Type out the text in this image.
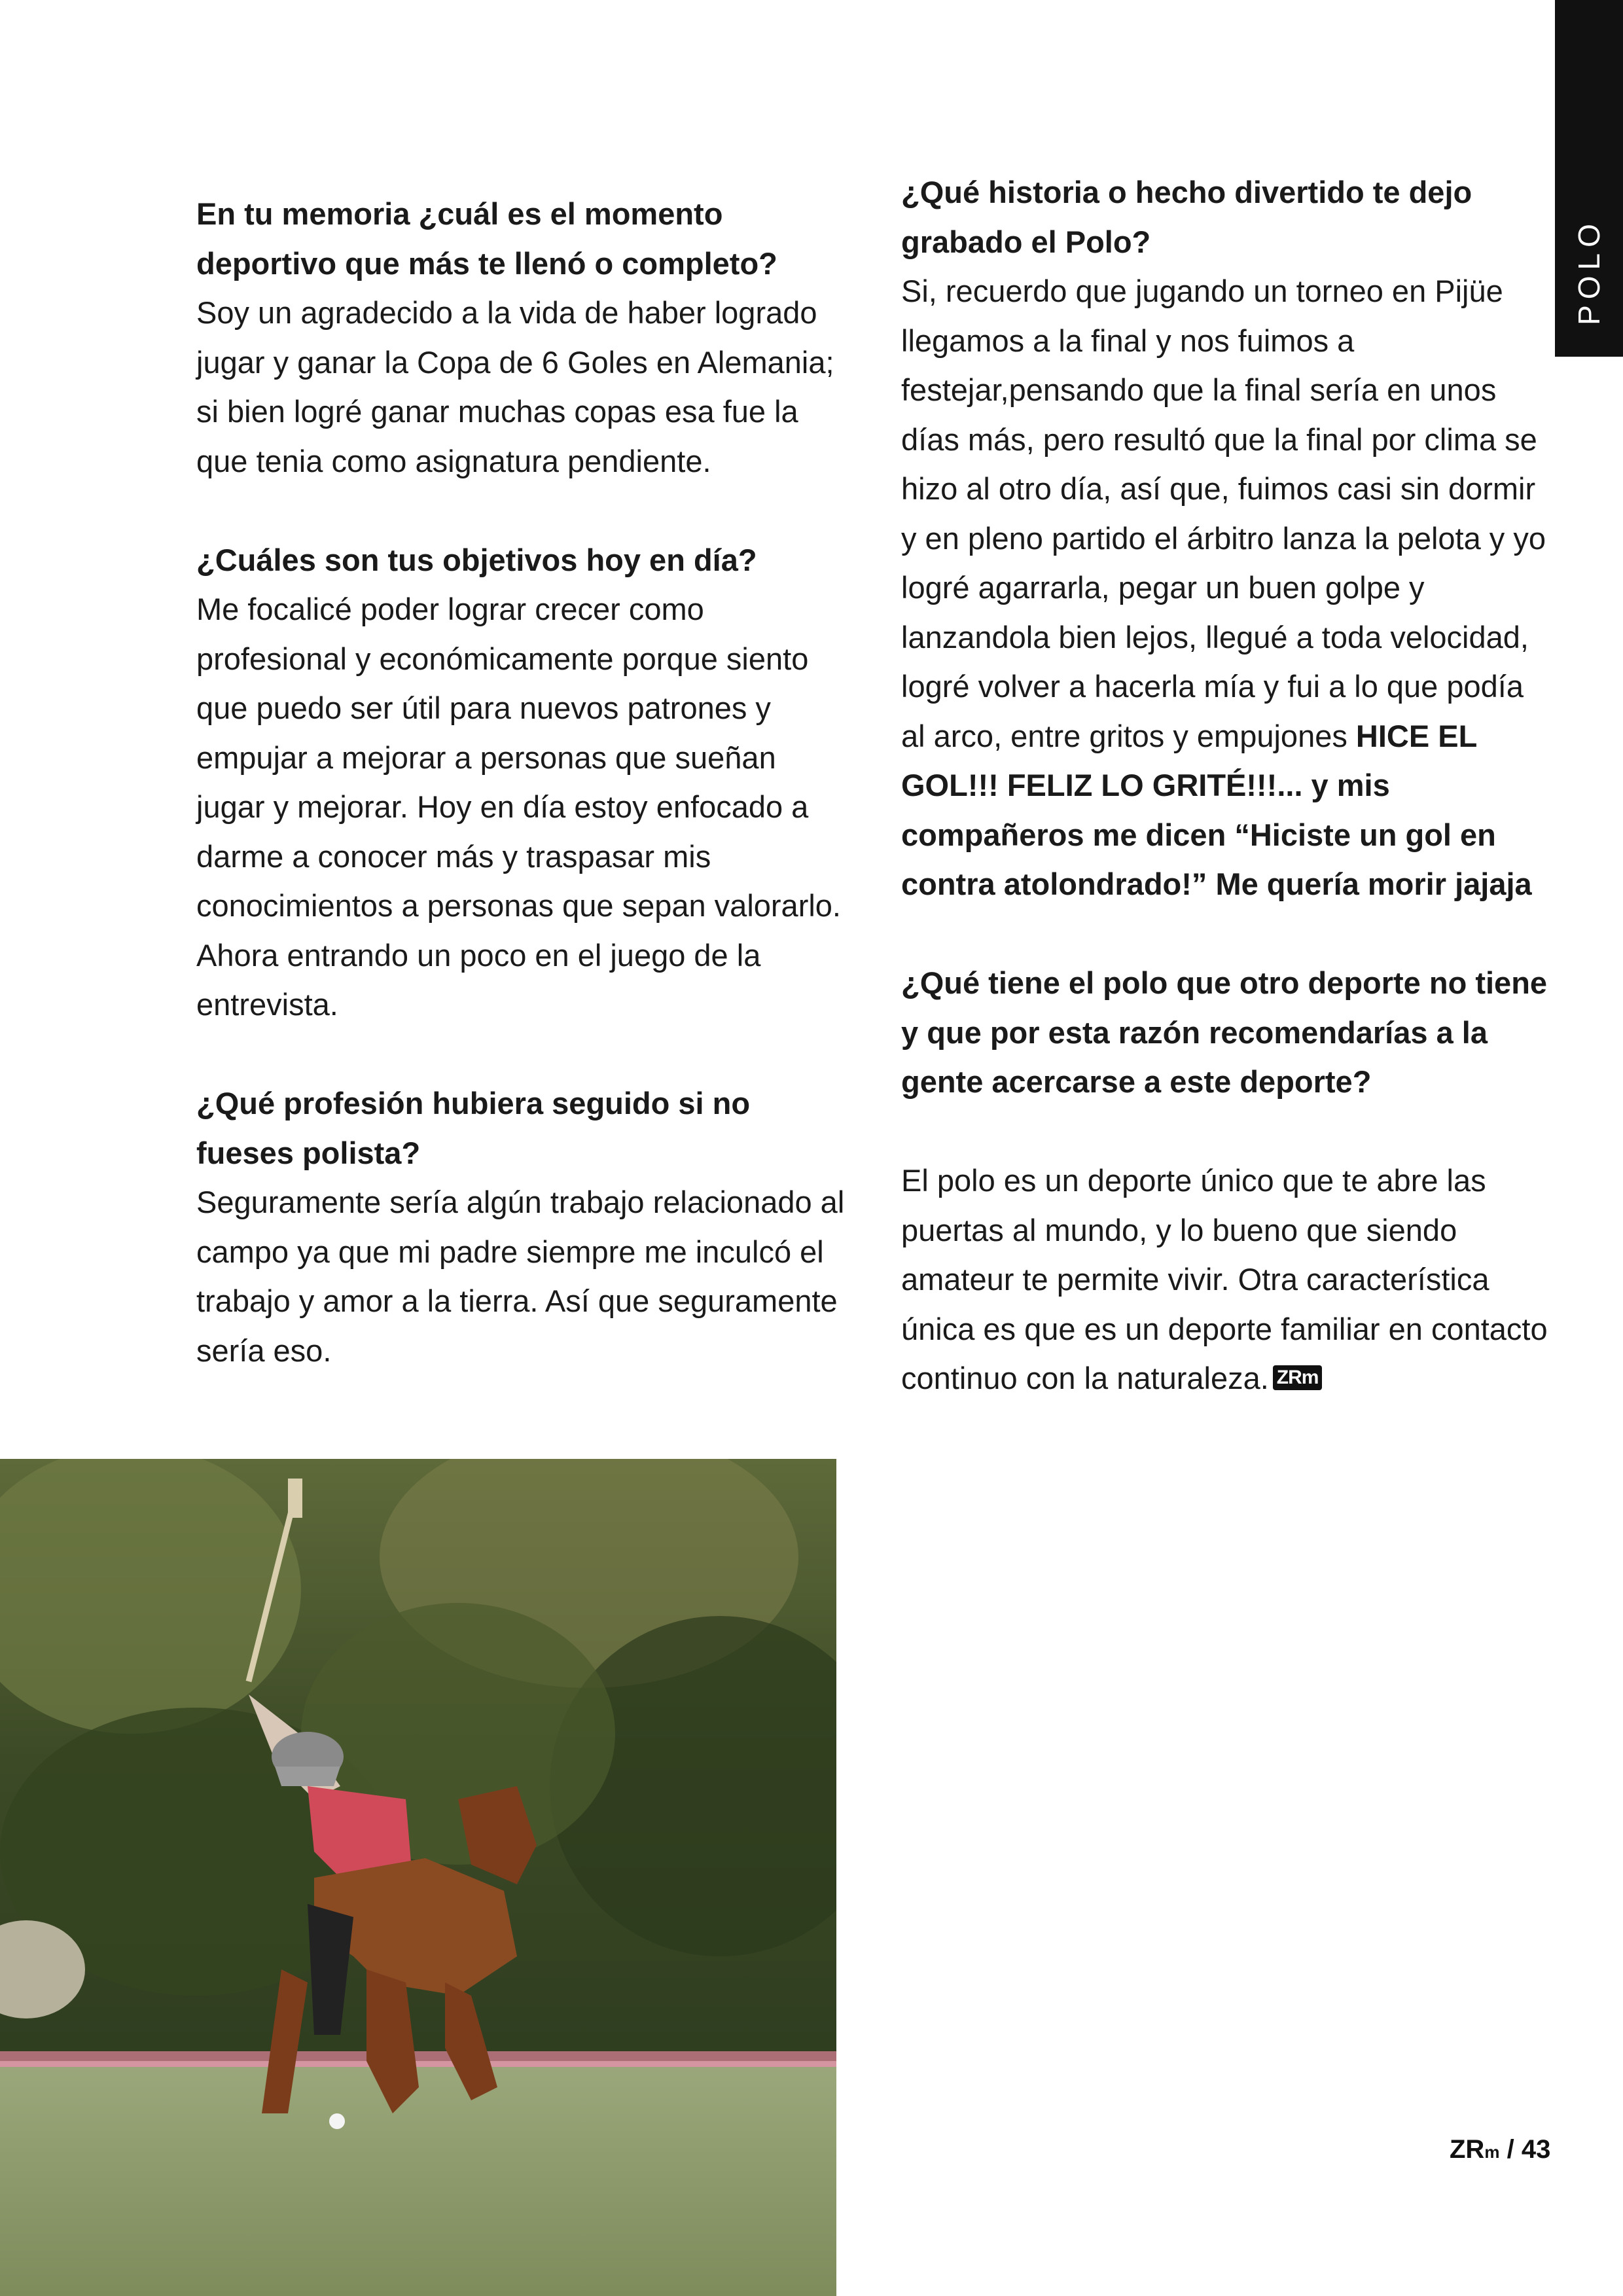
POLO

En tu memoria ¿cuál es el momento deportivo que más te llenó o completo?

Soy un agradecido a la vida de haber logrado jugar y ganar la Copa de 6 Goles en Alemania; si bien logré ganar muchas copas esa fue la que tenia como asignatura pendiente.

¿Cuáles son tus objetivos hoy en día?

Me focalicé poder lograr crecer como profesional y económicamente porque siento que puedo ser útil para nuevos patrones y empujar a mejorar a personas que sueñan jugar y mejorar. Hoy en día estoy enfocado a darme a conocer más y traspasar mis conocimientos a personas que sepan valorarlo. Ahora entrando un poco en el juego de la entrevista.

¿Qué profesión hubiera seguido si no fueses polista?

Seguramente sería algún trabajo relacionado al campo ya que mi padre siempre me inculcó el trabajo y amor a la tierra. Así que seguramente sería eso.

¿Qué historia o hecho divertido te dejo grabado el Polo?

Si, recuerdo que jugando un torneo en Pijüe llegamos a la final y nos fuimos a festejar,pensando que la final sería en unos días más, pero resultó que la final por clima se hizo al otro día, así que, fuimos casi sin dormir y en pleno partido el árbitro lanza la pelota y yo logré agarrarla, pegar un buen golpe y lanzandola bien lejos, llegué a toda velocidad, logré volver a hacerla mía y fui a lo que podía al arco, entre gritos y empujones HICE EL GOL!!! FELIZ LO GRITÉ!!!... y mis compañeros me dicen “Hiciste un gol en contra atolondrado!” Me quería morir jajaja

¿Qué tiene el polo que otro deporte no tiene y que por esta razón recomendarías a la gente acercarse a este deporte?

El polo es un deporte único que te abre las puertas al mundo, y lo bueno que siendo amateur te permite vivir. Otra característica única es que es un deporte familiar en contacto continuo con la naturaleza. ZRm

ZRm / 43
